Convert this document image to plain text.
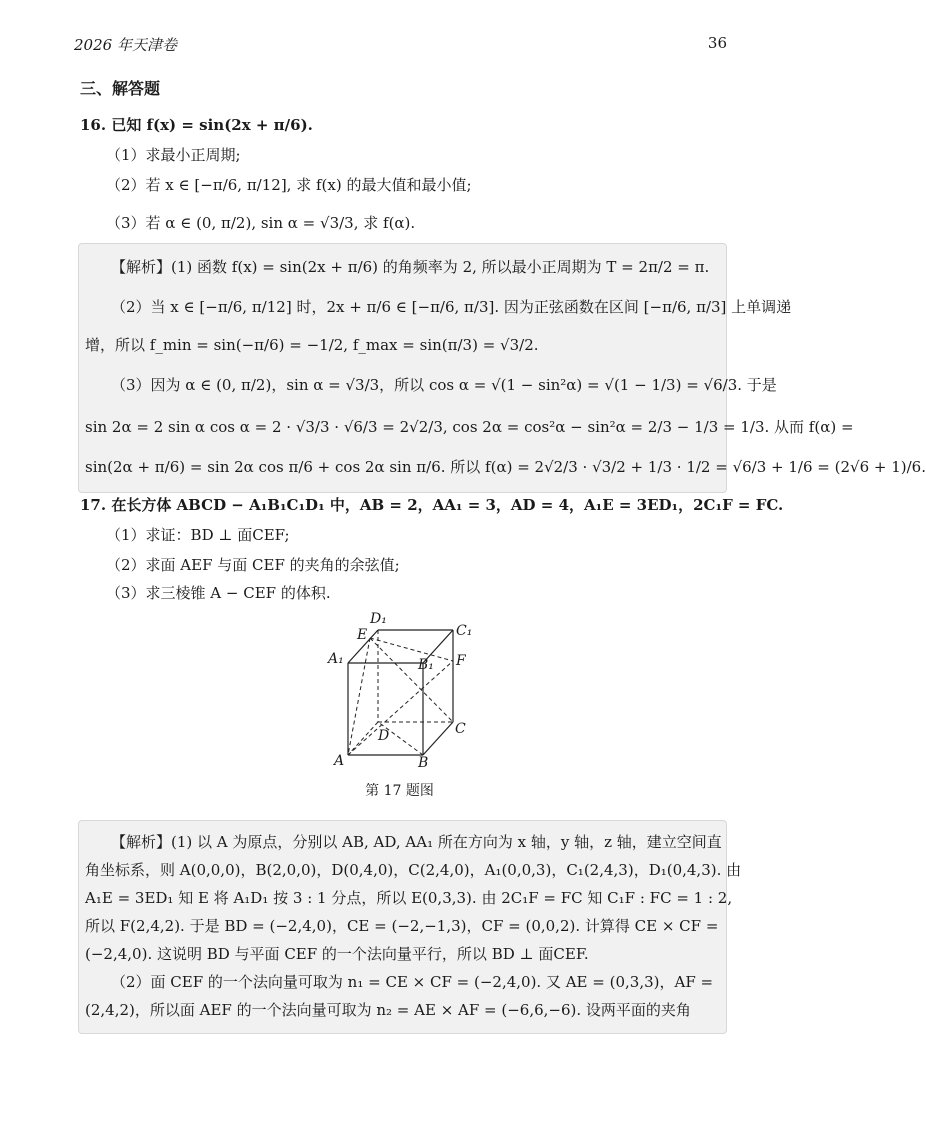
2026 年天津卷	36
三、解答题
16. 已知 f(x) = sin(2x + π/6).
（1）求最小正周期;
（2）若 x ∈ [−π/6, π/12], 求 f(x) 的最大值和最小值;
（3）若 α ∈ (0, π/2), sin α = √3/3, 求 f(α).
【解析】(1) 函数 f(x) = sin(2x + π/6) 的角频率为 2, 所以最小正周期为 T = 2π/2 = π.
（2）当 x ∈ [−π/6, π/12] 时，2x + π/6 ∈ [−π/6, π/3]. 因为正弦函数在区间 [−π/6, π/3] 上单调递
增，所以 f_min = sin(−π/6) = −1/2, f_max = sin(π/3) = √3/2.
（3）因为 α ∈ (0, π/2)，sin α = √3/3，所以 cos α = √(1 − sin²α) = √(1 − 1/3) = √6/3. 于是
sin 2α = 2 sin α cos α = 2 · √3/3 · √6/3 = 2√2/3, cos 2α = cos²α − sin²α = 2/3 − 1/3 = 1/3. 从而 f(α) =
sin(2α + π/6) = sin 2α cos π/6 + cos 2α sin π/6. 所以 f(α) = 2√2/3 · √3/2 + 1/3 · 1/2 = √6/3 + 1/6 = (2√6 + 1)/6.
17. 在长方体 ABCD − A₁B₁C₁D₁ 中，AB = 2，AA₁ = 3，AD = 4，A₁E = 3ED₁，2C₁F = FC.
（1）求证：BD ⊥ 面CEF;
（2）求面 AEF 与面 CEF 的夹角的余弦值;
（3）求三棱锥 A − CEF 的体积.
D₁
C₁
E
A₁	B₁ F
D	C
A	B
第 17 题图
【解析】(1) 以 A 为原点，分别以 AB, AD, AA₁ 所在方向为 x 轴，y 轴，z 轴，建立空间直
角坐标系，则 A(0,0,0)，B(2,0,0)，D(0,4,0)，C(2,4,0)，A₁(0,0,3)，C₁(2,4,3)，D₁(0,4,3). 由
A₁E = 3ED₁ 知 E 将 A₁D₁ 按 3 : 1 分点，所以 E(0,3,3). 由 2C₁F = FC 知 C₁F : FC = 1 : 2,
所以 F(2,4,2). 于是 BD = (−2,4,0)，CE = (−2,−1,3)，CF = (0,0,2). 计算得 CE × CF =
(−2,4,0). 这说明 BD 与平面 CEF 的一个法向量平行，所以 BD ⊥ 面CEF.
（2）面 CEF 的一个法向量可取为 n₁ = CE × CF = (−2,4,0). 又 AE = (0,3,3)，AF =
(2,4,2)，所以面 AEF 的一个法向量可取为 n₂ = AE × AF = (−6,6,−6). 设两平面的夹角
